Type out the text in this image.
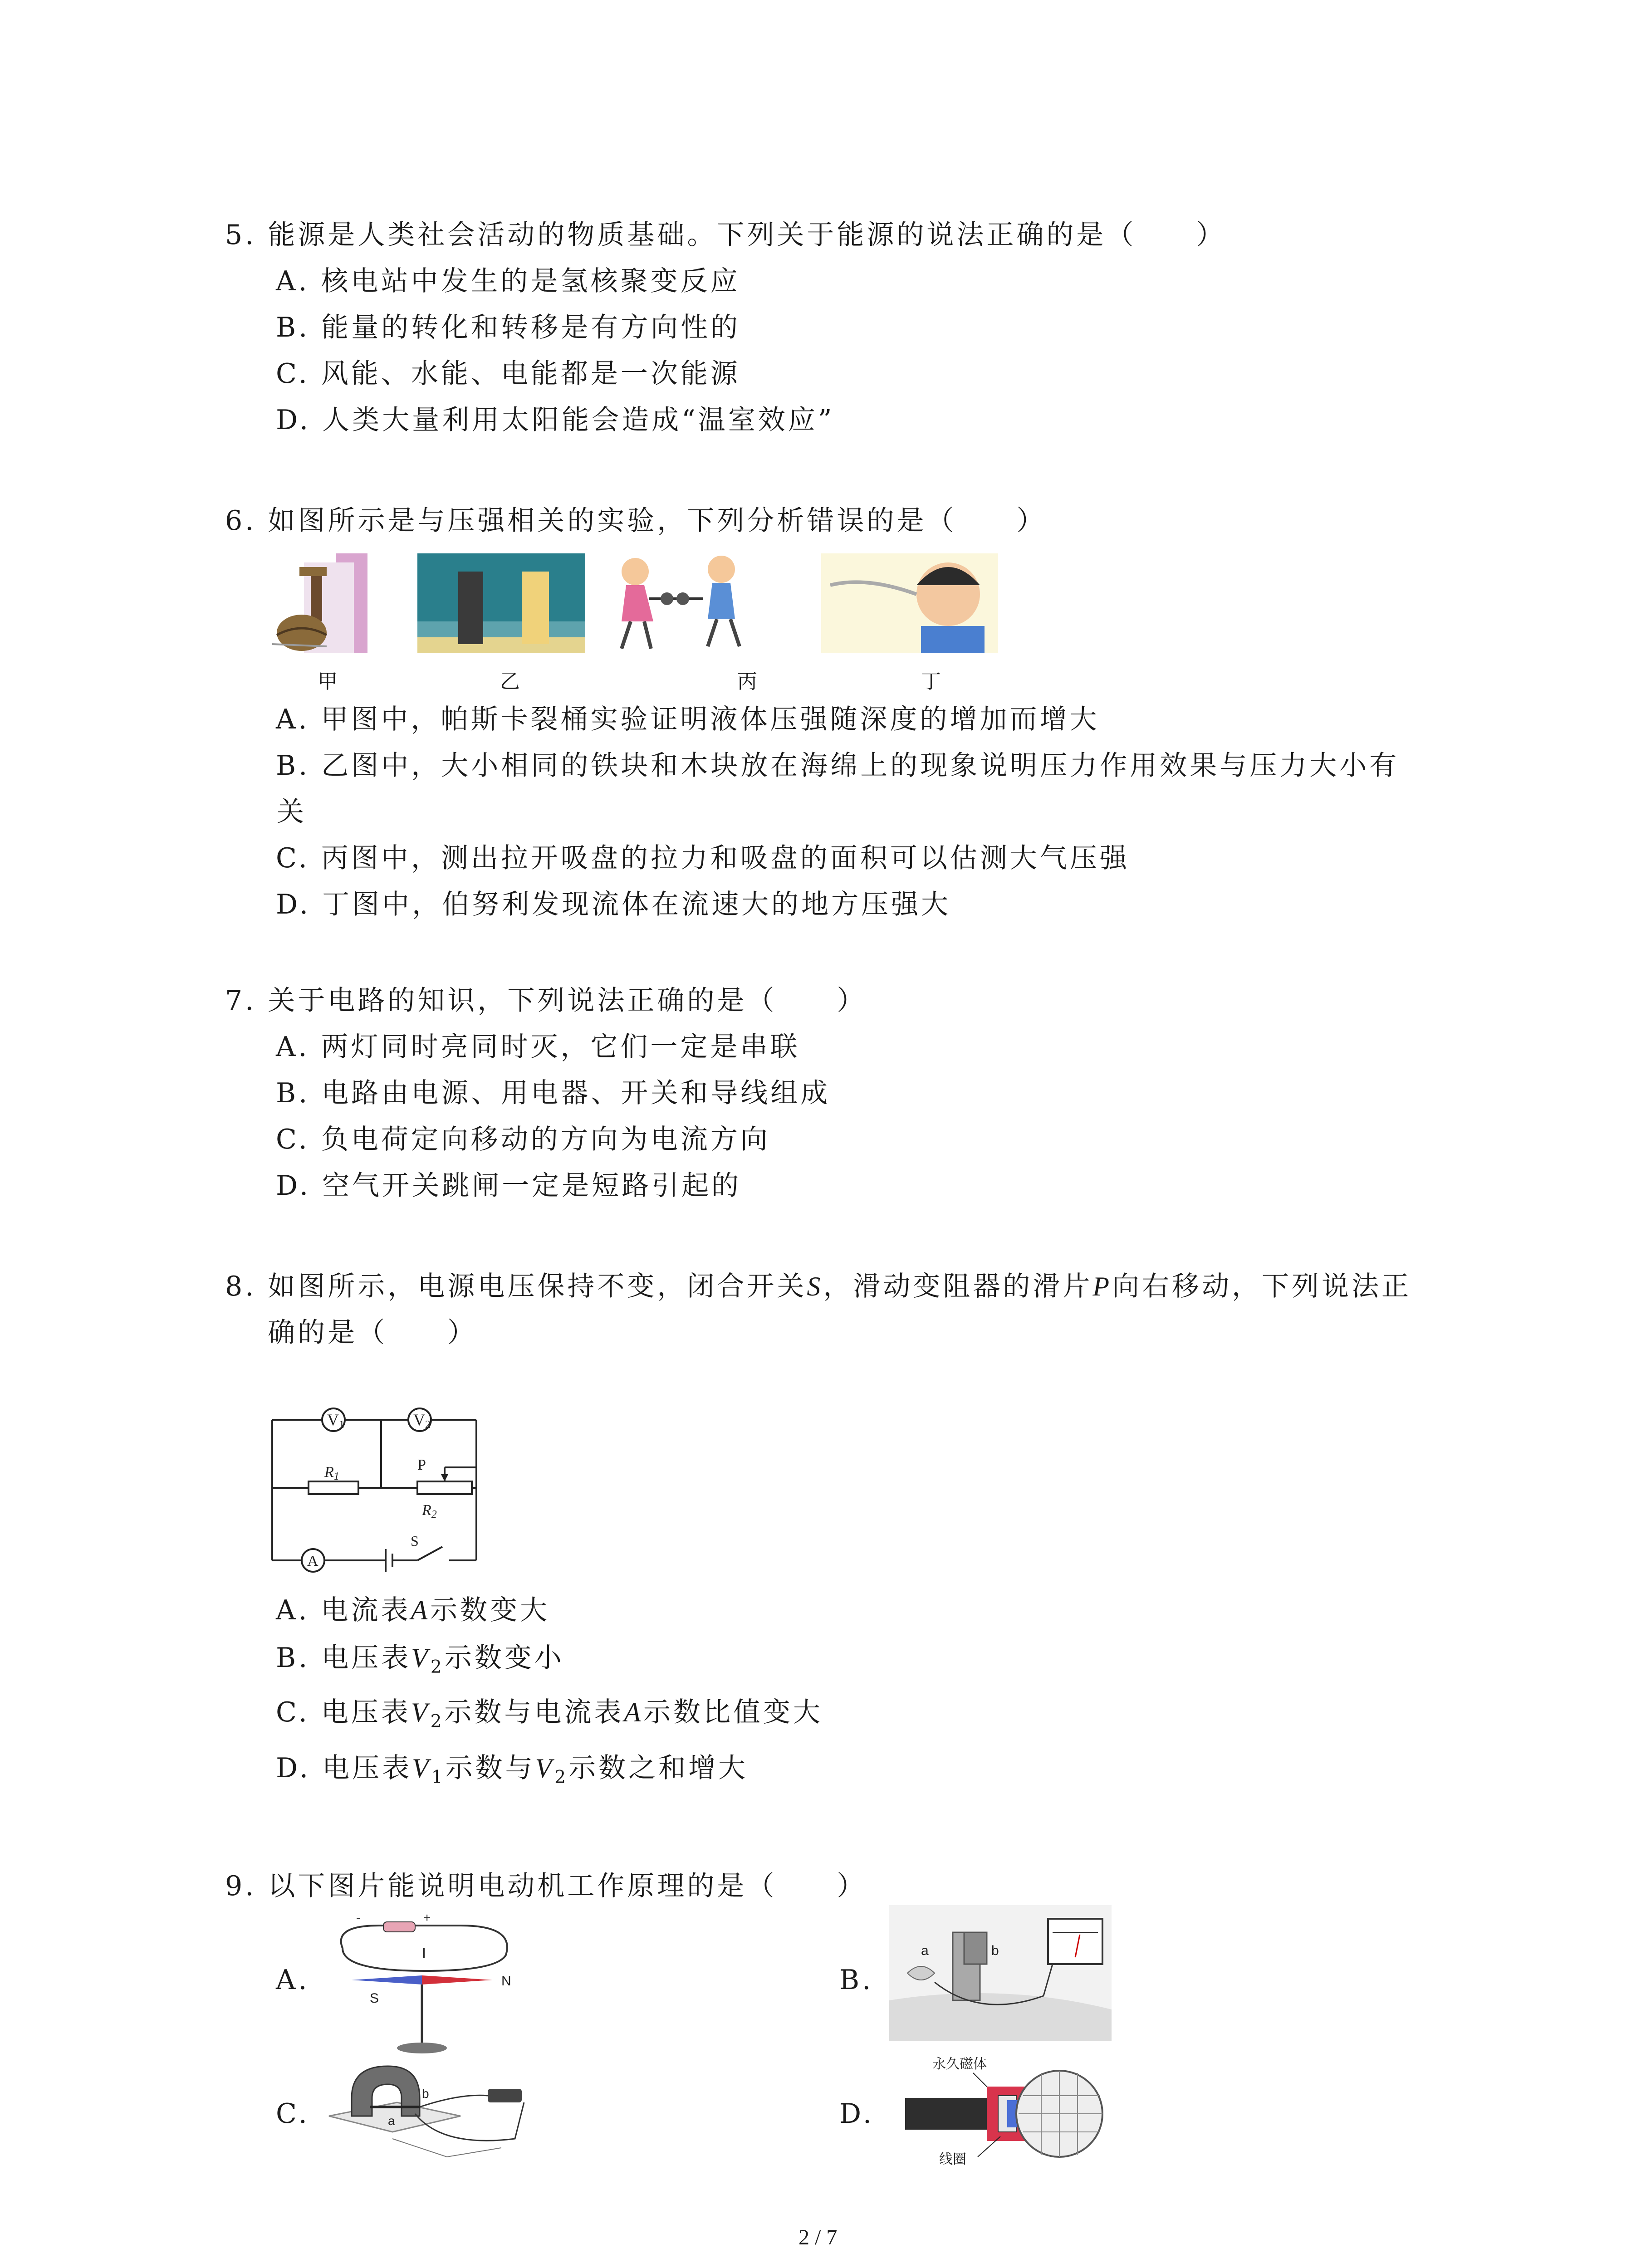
5. 能源是人类社会活动的物质基础。下列关于能源的说法正确的是（　　）
A. 核电站中发生的是氢核聚变反应
B. 能量的转化和转移是有方向性的
C. 风能、水能、电能都是一次能源
D. 人类大量利用太阳能会造成“温室效应”
6. 如图所示是与压强相关的实验，下列分析错误的是（　　）
甲	乙	丙	丁
A. 甲图中，帕斯卡裂桶实验证明液体压强随深度的增加而增大
B. 乙图中，大小相同的铁块和木块放在海绵上的现象说明压力作用效果与压力大小有
关
C. 丙图中，测出拉开吸盘的拉力和吸盘的面积可以估测大气压强
D. 丁图中，伯努利发现流体在流速大的地方压强大
7. 关于电路的知识，下列说法正确的是（　　）
A. 两灯同时亮同时灭，它们一定是串联
B. 电路由电源、用电器、开关和导线组成
C. 负电荷定向移动的方向为电流方向
D. 空气开关跳闸一定是短路引起的
8. 如图所示，电源电压保持不变，闭合开关S，滑动变阻器的滑片P向右移动，下列说法正
确的是（　　）
V1	V2
R1
P
R2
A
S
A. 电流表A示数变大
B. 电压表$V_2$示数变小
C. 电压表$V_2$示数与电流表A示数比值变大
D. 电压表$V_1$示数与$V_2$示数之和增大
9. 以下图片能说明电动机工作原理的是（　　）
A.	B.
C.	D.
-	+
I
S
N
a	b
a
b
永久磁体
线圈
2 / 7
